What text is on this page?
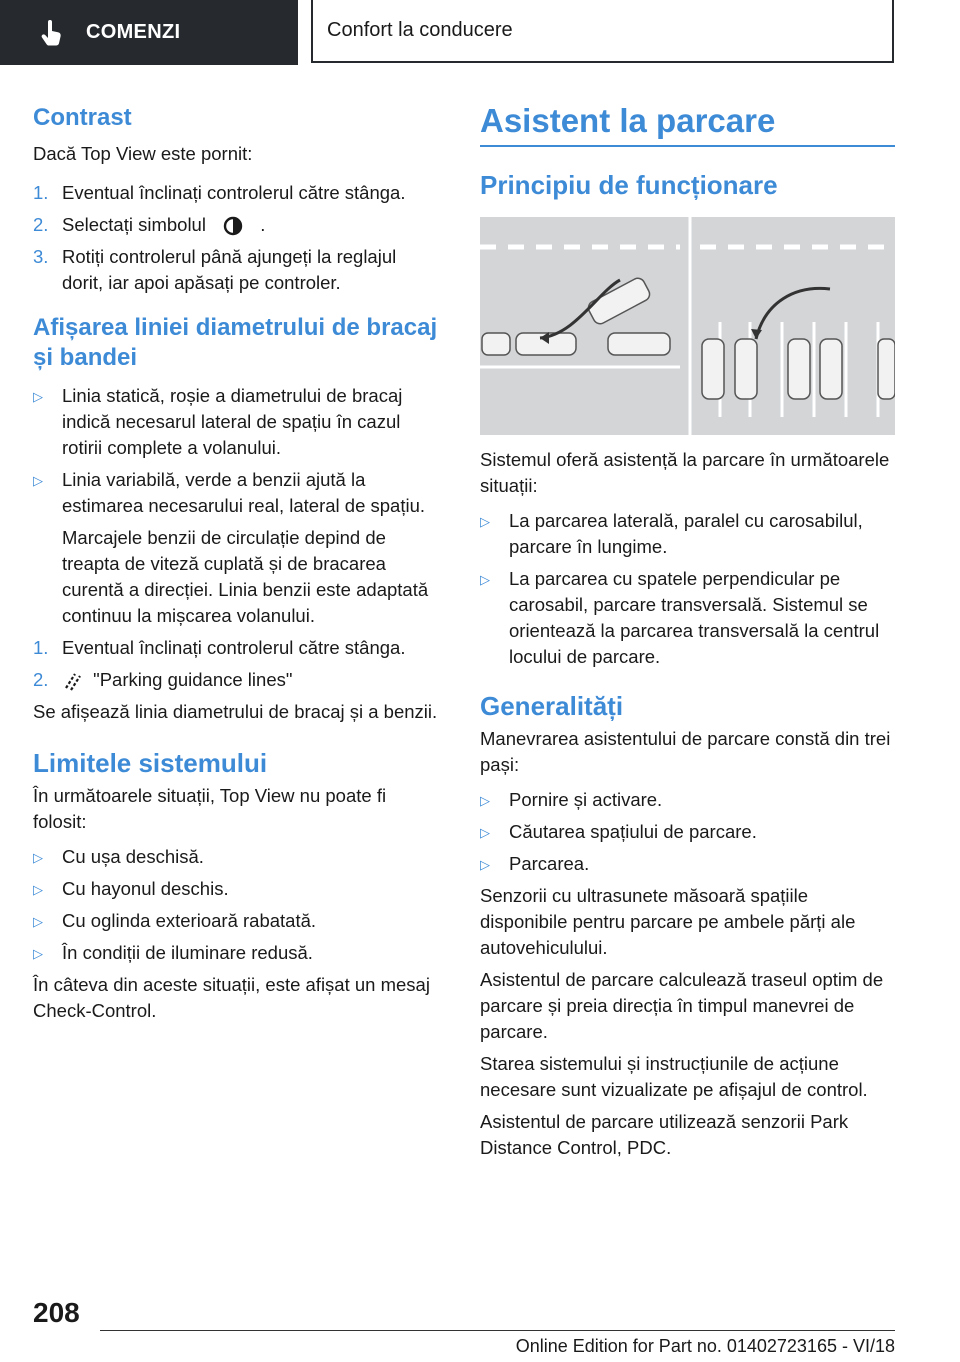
COMENZI	Confort la conducere
Contrast

Dacă Top View este pornit:

1. Eventual înclinați controlerul către stânga.
2. Selectați simbolul	.
3. Rotiți controlerul până ajungeți la reglajul dorit, iar apoi apăsați pe controler.
Afișarea liniei diametrului de bracaj și bandei
▷ Linia statică, roșie a diametrului de bracaj indică necesarul lateral de spațiu în cazul rotirii complete a volanului.
▷ Linia variabilă, verde a benzii ajută la estimarea necesarului real, lateral de spațiu.

Marcajele benzii de circulație depind de treapta de viteză cuplată și de bracarea curentă a direcției. Linia benzii este adaptată continuu la mișcarea volanului.

1. Eventual înclinați controlerul către stânga.
2. "Parking guidance lines"

Se afișează linia diametrului de bracaj și a benzii.

Limitele sistemului

În următoarele situații, Top View nu poate fi folosit:

▷ Cu ușa deschisă.
▷ Cu hayonul deschis.
▷ Cu oglinda exterioară rabatată.
▷ În condiții de iluminare redusă.

În câteva din aceste situații, este afișat un mesaj Check-Control.

Asistent la parcare
Principiu de funcționare

Sistemul oferă asistență la parcare în următoarele situații:

▷ La parcarea laterală, paralel cu carosabilul, parcare în lungime.
▷ La parcarea cu spatele perpendicular pe carosabil, parcare transversală. Sistemul se orientează la parcarea transversală la centrul locului de parcare.
Generalități

Manevrarea asistentului de parcare constă din trei pași:

▷ Pornire și activare.
▷ Căutarea spațiului de parcare.
▷ Parcarea.

Senzorii cu ultrasunete măsoară spațiile disponibile pentru parcare pe ambele părți ale autovehiculului.

Asistentul de parcare calculează traseul optim de parcare și preia direcția în timpul manevrei de parcare.

Starea sistemului și instrucțiunile de acțiune necesare sunt vizualizate pe afișajul de control.

Asistentul de parcare utilizează senzorii Park Distance Control, PDC.

208
Online Edition for Part no. 01402723165 - VI/18
